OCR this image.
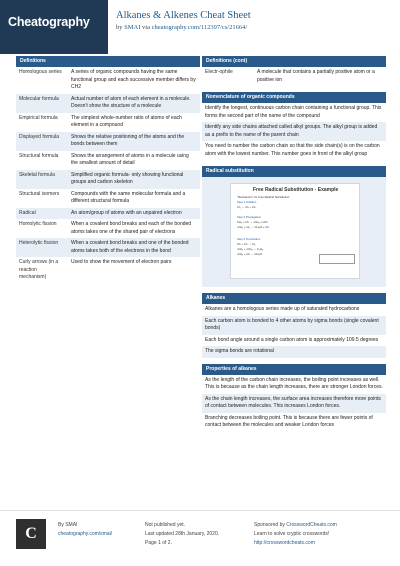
Cheatography	Alkanes & Alkenes Cheat Sheet
by SMAI via cheatography.com/112397/cs/21664/
Definitions
Homologous series	A series of organic compounds having the same functional group and each successive member differs by CH2
Molecular formula	Actual number of atom of each element in a molecule. Doesn't show the structure of a molecule
Empirical formula	The simplest whole-number ratio of atoms of each element in a compound
Displayed formula	Shows the relative positioning of the atoms and the bonds between them
Structural formula	Shows the arrangement of atoms in a molecule using the smallest amount of detail
Skeletal formula	Simplified organic formula- only showing functional groups and carbon skeleton
Structural isomers	Compounds with the same molecular formula and a different structural formula
Radical	An atom/group of atoms with an unpaired electron
Homolytic fission	When a covalent bond breaks and each of the bonded atoms takes one of the shared pair of electrons
Heterolytic fission	When a covalent bond breaks and one of the bonded atoms takes both of the electrons in the bond
Curly arrows (in a reaction mechanism)	Used to show the movement of electron pairs
Definitions (cont)
Electr-ophile	A molecule that contains a partially positive atom or a positive ion
Nomenclature of organic compounds
Identify the longest, continuous carbon chain containing a functional group. This forms the second part of the name of the compound
Identify any side chains attached called alkyl groups. The alkyl group is added as a prefix to the name of the parent chain
You need to number the carbon chain so that the side chain(s) is on the carbon atom with the lowest number. This number goes in front of the alkyl group
Radical substitution
Free Radical Substitution - Example
"Mechanism" for Free Radical Substitution
Step 1 Initiation
Cl₂ → Cl• + Cl•
Step 2 Propagation
CH₄ + Cl• → •CH₃ + HCl
•CH₃ + Cl₂ → CH₃Cl + Cl•
Step 3 Termination
Cl• + Cl• → Cl₂
•CH₃ + •CH₃ → C₂H₆
•CH₃ + Cl• → CH₃Cl
Alkanes
Alkanes are a homologous series made up of saturated hydrocarbons
Each carbon atom is bonded to 4 other atoms by sigma bonds (single covalent bonds)
Each bond angle around a single carbon atom is approximately 109.5 degrees
The sigma bonds are rotational
Properties of alkanes
As the length of the carbon chain increases, the boiling point increases as well. This is because as the chain length increases, there are stronger London forces.
As the chain length increases, the surface area increases therefore more points of contact between molecules. This increases London forces.
Branching decreases boiling point. This is because there are fewer points of contact between the molecules and weaker London forces
C	By SMAI
cheatography.com/smai/
Not published yet.
Last updated 28th January, 2020.
Page 1 of 2.
Sponsored by CrosswordCheats.com
Learn to solve cryptic crosswords!
http://crosswordcheats.com
